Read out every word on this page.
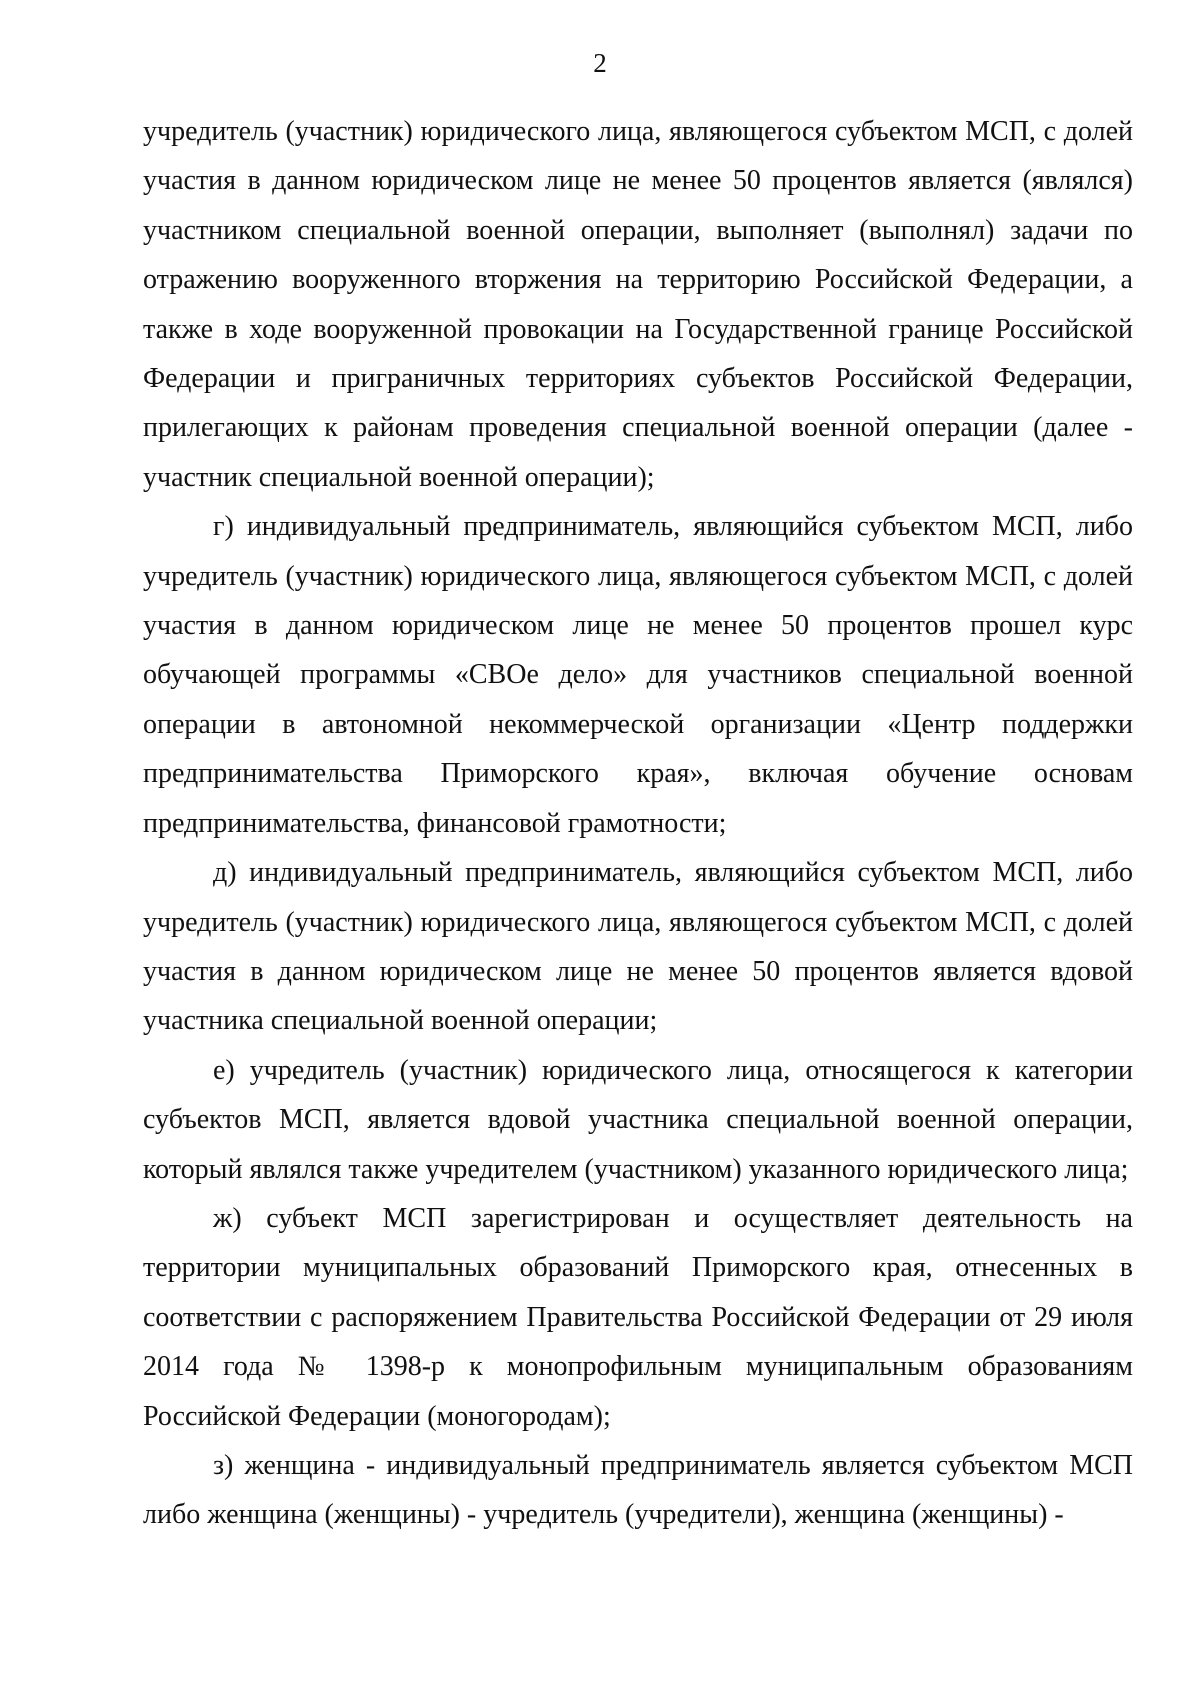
2

учредитель (участник) юридического лица, являющегося субъектом МСП, с долей участия в данном юридическом лице не менее 50 процентов является (являлся) участником специальной военной операции, выполняет (выполнял) задачи по отражению вооруженного вторжения на территорию Российской Федерации, а также в ходе вооруженной провокации на Государственной границе Российской Федерации и приграничных территориях субъектов Российской Федерации, прилегающих к районам проведения специальной военной операции (далее - участник специальной военной операции);

г) индивидуальный предприниматель, являющийся субъектом МСП, либо учредитель (участник) юридического лица, являющегося субъектом МСП, с долей участия в данном юридическом лице не менее 50 процентов прошел курс обучающей программы «СВОе дело» для участников специальной военной операции в автономной некоммерческой организации «Центр поддержки предпринимательства Приморского края», включая обучение основам предпринимательства, финансовой грамотности;

д) индивидуальный предприниматель, являющийся субъектом МСП, либо учредитель (участник) юридического лица, являющегося субъектом МСП, с долей участия в данном юридическом лице не менее 50 процентов является вдовой участника специальной военной операции;

е) учредитель (участник) юридического лица, относящегося к категории субъектов МСП, является вдовой участника специальной военной операции, который являлся также учредителем (участником) указанного юридического лица;

ж) субъект МСП зарегистрирован и осуществляет деятельность на территории муниципальных образований Приморского края, отнесенных в соответствии с распоряжением Правительства Российской Федерации от 29 июля 2014 года № 1398-р к монопрофильным муниципальным образованиям Российской Федерации (моногородам);

з) женщина - индивидуальный предприниматель является субъектом МСП либо женщина (женщины) - учредитель (учредители), женщина (женщины) -
